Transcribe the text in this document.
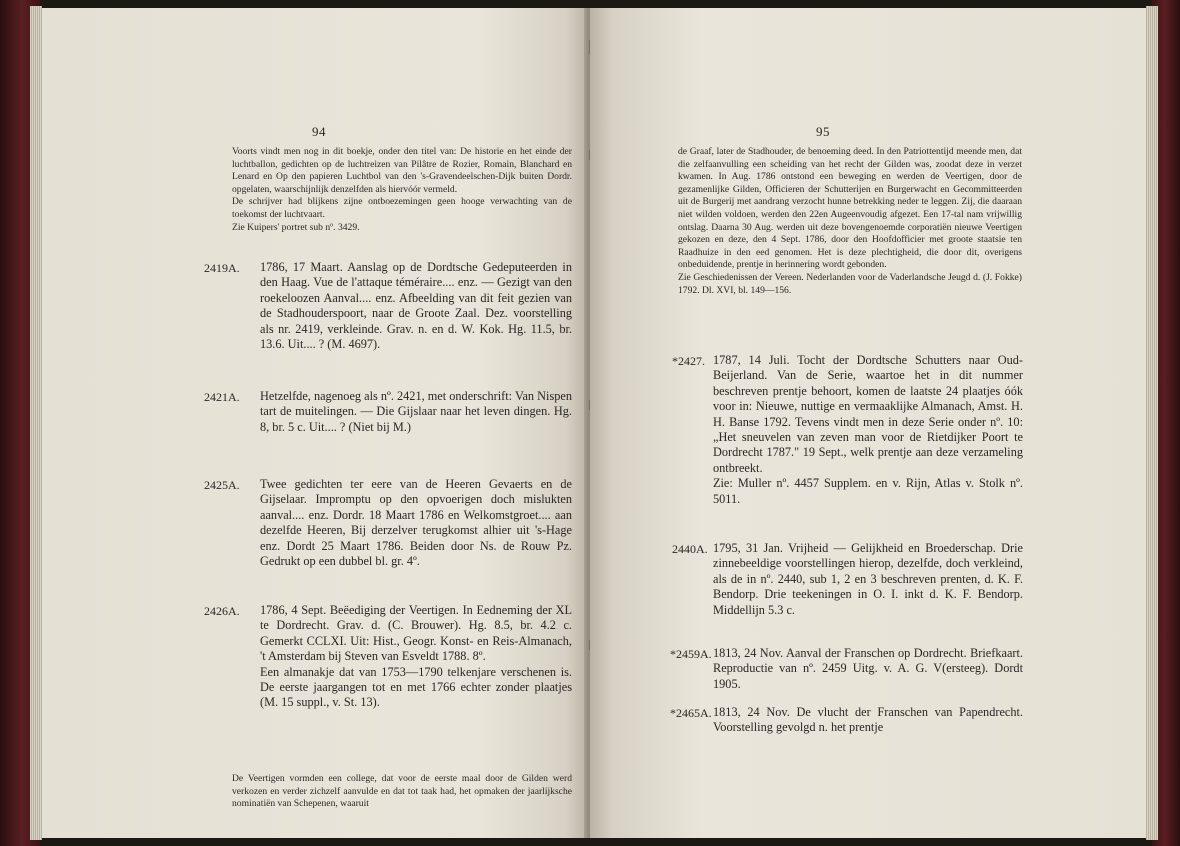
94

Voorts vindt men nog in dit boekje, onder den titel van: De historie en het einde der luchtballon, gedichten op de luchtreizen van Pilâtre de Rozier, Romain, Blanchard en Lenard en Op den papieren Luchtbol van den 's-Gravendeelschen-Dijk buiten Dordr. opgelaten, waarschijnlijk denzelfden als hiervóór vermeld.

De schrijver had blijkens zijne ontboezemingen geen hooge verwachting van de toekomst der luchtvaart.

Zie Kuipers' portret sub nº. 3429.

2419A. 1786, 17 Maart. Aanslag op de Dordtsche Gedeputeerden in den Haag. Vue de l'attaque téméraire.... enz. — Gezigt van den roekeloozen Aanval.... enz. Afbeelding van dit feit gezien van de Stadhouderspoort, naar de Groote Zaal. Dez. voorstelling als nr. 2419, verkleinde. Grav. n. en d. W. Kok. Hg. 11.5, br. 13.6. Uit.... ? (M. 4697).

2421A. Hetzelfde, nagenoeg als nº. 2421, met onderschrift: Van Nispen tart de muitelingen. — Die Gijslaar naar het leven dingen. Hg. 8, br. 5 c. Uit.... ? (Niet bij M.)

2425A. Twee gedichten ter eere van de Heeren Gevaerts en de Gijselaar. Impromptu op den opvoerigen doch mislukten aanval.... enz. Dordr. 18 Maart 1786 en Welkomstgroet.... aan dezelfde Heeren, Bij derzelver terugkomst alhier uit 's-Hage enz. Dordt 25 Maart 1786. Beiden door Ns. de Rouw Pz. Gedrukt op een dubbel bl. gr. 4º.

2426A. 1786, 4 Sept. Beëediging der Veertigen. In Eedneming der XL te Dordrecht. Grav. d. (C. Brouwer). Hg. 8.5, br. 4.2 c. Gemerkt CCLXI. Uit: Hist., Geogr. Konst- en Reis-Almanach, 't Amsterdam bij Steven van Esveldt 1788. 8º.

Een almanakje dat van 1753—1790 telkenjare verschenen is. De eerste jaargangen tot en met 1766 echter zonder plaatjes (M. 15 suppl., v. St. 13).

De Veertigen vormden een college, dat voor de eerste maal door de Gilden werd verkozen en verder zichzelf aanvulde en dat tot taak had, het opmaken der jaarlijksche nominatiën van Schepenen, waaruit

95

de Graaf, later de Stadhouder, de benoeming deed. In den Patriottentijd meende men, dat die zelfaanvulling een scheiding van het recht der Gilden was, zoodat deze in verzet kwamen. In Aug. 1786 ontstond een beweging en werden de Veertigen, door de gezamenlijke Gilden, Officieren der Schutterijen en Burgerwacht en Gecommitteerden uit de Burgerij met aandrang verzocht hunne betrekking neder te leggen. Zij, die daaraan niet wilden voldoen, werden den 22en Augeenvoudig afgezet. Een 17-tal nam vrijwillig ontslag. Daarna 30 Aug. werden uit deze bovengenoemde corporatiën nieuwe Veertigen gekozen en deze, den 4 Sept. 1786, door den Hoofdofficier met groote staatsie ten Raadhuize in den eed genomen. Het is deze plechtigheid, die door dit, overigens onbeduidende, prentje in herinnering wordt gebonden.

Zie Geschiedenissen der Vereen. Nederlanden voor de Vaderlandsche Jeugd d. (J. Fokke) 1792. Dl. XVI, bl. 149—156.

*2427. 1787, 14 Juli. Tocht der Dordtsche Schutters naar Oud-Beijerland. Van de Serie, waartoe het in dit nummer beschreven prentje behoort, komen de laatste 24 plaatjes óók voor in: Nieuwe, nuttige en vermaaklijke Almanach, Amst. H. H. Banse 1792. Tevens vindt men in deze Serie onder nº. 10: „Het sneuvelen van zeven man voor de Rietdijker Poort te Dordrecht 1787." 19 Sept., welk prentje aan deze verzameling ontbreekt.

Zie: Muller nº. 4457 Supplem. en v. Rijn, Atlas v. Stolk nº. 5011.

2440A. 1795, 31 Jan. Vrijheid — Gelijkheid en Broederschap. Drie zinnebeeldige voorstellingen hierop, dezelfde, doch verkleind, als de in nº. 2440, sub 1, 2 en 3 beschreven prenten, d. K. F. Bendorp. Drie teekeningen in O. I. inkt d. K. F. Bendorp. Middellijn 5.3 c.

*2459A. 1813, 24 Nov. Aanval der Franschen op Dordrecht. Briefkaart. Reproductie van nº. 2459 Uitg. v. A. G. V(ersteeg). Dordt 1905.

*2465A. 1813, 24 Nov. De vlucht der Franschen van Papendrecht. Voorstelling gevolgd n. het prentje
